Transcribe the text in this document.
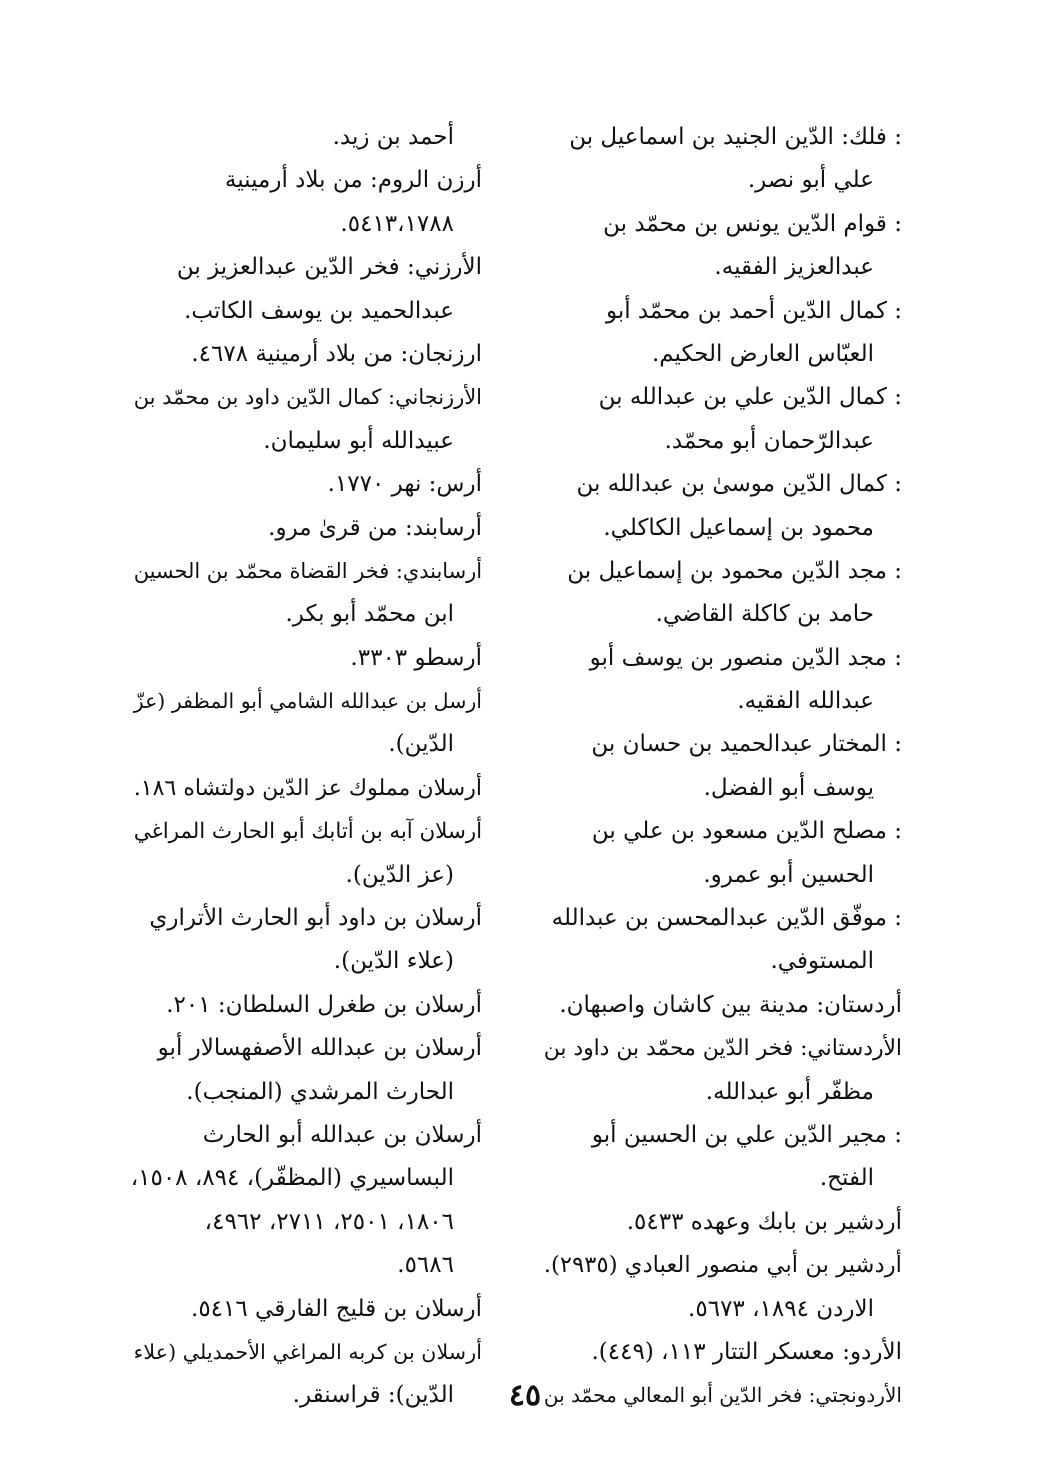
: فلك: الدّين الجنيد بن اسماعيل بن
علي أبو نصر.
: قوام الدّين يونس بن محمّد بن
عبدالعزيز الفقيه.
: كمال الدّين أحمد بن محمّد أبو
العبّاس العارض الحكيم.
: كمال الدّين علي بن عبدالله بن
عبدالرّحمان أبو محمّد.
: كمال الدّين موسىٰ بن عبدالله بن
محمود بن إسماعيل الكاكلي.
: مجد الدّين محمود بن إسماعيل بن
حامد بن كاكلة القاضي.
: مجد الدّين منصور بن يوسف أبو
عبدالله الفقيه.
: المختار عبدالحميد بن حسان بن
يوسف أبو الفضل.
: مصلح الدّين مسعود بن علي بن
الحسين أبو عمرو.
: موفّق الدّين عبدالمحسن بن عبدالله
المستوفي.
أردستان: مدينة بين كاشان واصبهان.
الأردستاني: فخر الدّين محمّد بن داود بن
مظفّر أبو عبدالله.
: مجير الدّين علي بن الحسين أبو
الفتح.
أردشير بن بابك وعهده ٥٤٣٣.
أردشير بن أبي منصور العبادي (٢٩٣٥).
الاردن ١٨٩٤، ٥٦٧٣.
الأردو: معسكر التتار ١١٣، (٤٤٩).
الأردونجتي: فخر الدّين أبو المعالي محمّد بن
أحمد بن زيد.
أرزن الروم: من بلاد أرمينية
٥٤١٣،١٧٨٨.
الأرزني: فخر الدّين عبدالعزيز بن
عبدالحميد بن يوسف الكاتب.
ارزنجان: من بلاد أرمينية ٤٦٧٨.
الأرزنجاني: كمال الدّين داود بن محمّد بن
عبيدالله أبو سليمان.
أرس: نهر ١٧٧٠.
أرسابند: من قرىٰ مرو.
أرسابندي: فخر القضاة محمّد بن الحسين
ابن محمّد أبو بكر.
أرسطو ٣٣٠٣.
أرسل بن عبدالله الشامي أبو المظفر (عزّ
الدّين).
أرسلان مملوك عز الدّين دولتشاه ١٨٦.
أرسلان آبه بن أتابك أبو الحارث المراغي
(عز الدّين).
أرسلان بن داود أبو الحارث الأتراري
(علاء الدّين).
أرسلان بن طغرل السلطان: ٢٠١.
أرسلان بن عبدالله الأصفهسالار أبو
الحارث المرشدي (المنجب).
أرسلان بن عبدالله أبو الحارث
البساسيري (المظفّر)، ٨٩٤، ١٥٠٨،
١٨٠٦، ٢٥٠١، ٢٧١١، ٤٩٦٢،
٥٦٨٦.
أرسلان بن قليج الفارقي ٥٤١٦.
أرسلان بن كربه المراغي الأحمديلي (علاء
الدّين): قراسنقر.	٤٥
